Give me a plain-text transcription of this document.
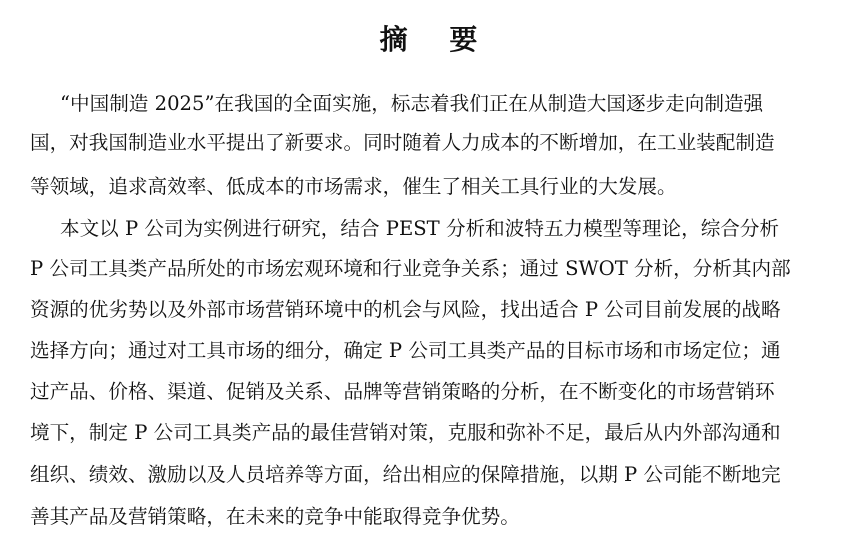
摘 要
“中国制造 2025”在我国的全面实施，标志着我们正在从制造大国逐步走向制造强
国，对我国制造业水平提出了新要求。同时随着人力成本的不断增加，在工业装配制造
等领域，追求高效率、低成本的市场需求，催生了相关工具行业的大发展。
本文以 P 公司为实例进行研究，结合 PEST 分析和波特五力模型等理论，综合分析
P 公司工具类产品所处的市场宏观环境和行业竞争关系；通过 SWOT 分析，分析其内部
资源的优劣势以及外部市场营销环境中的机会与风险，找出适合 P 公司目前发展的战略
选择方向；通过对工具市场的细分，确定 P 公司工具类产品的目标市场和市场定位；通
过产品、价格、渠道、促销及关系、品牌等营销策略的分析，在不断变化的市场营销环
境下，制定 P 公司工具类产品的最佳营销对策，克服和弥补不足，最后从内外部沟通和
组织、绩效、激励以及人员培养等方面，给出相应的保障措施，以期 P 公司能不断地完
善其产品及营销策略，在未来的竞争中能取得竞争优势。
